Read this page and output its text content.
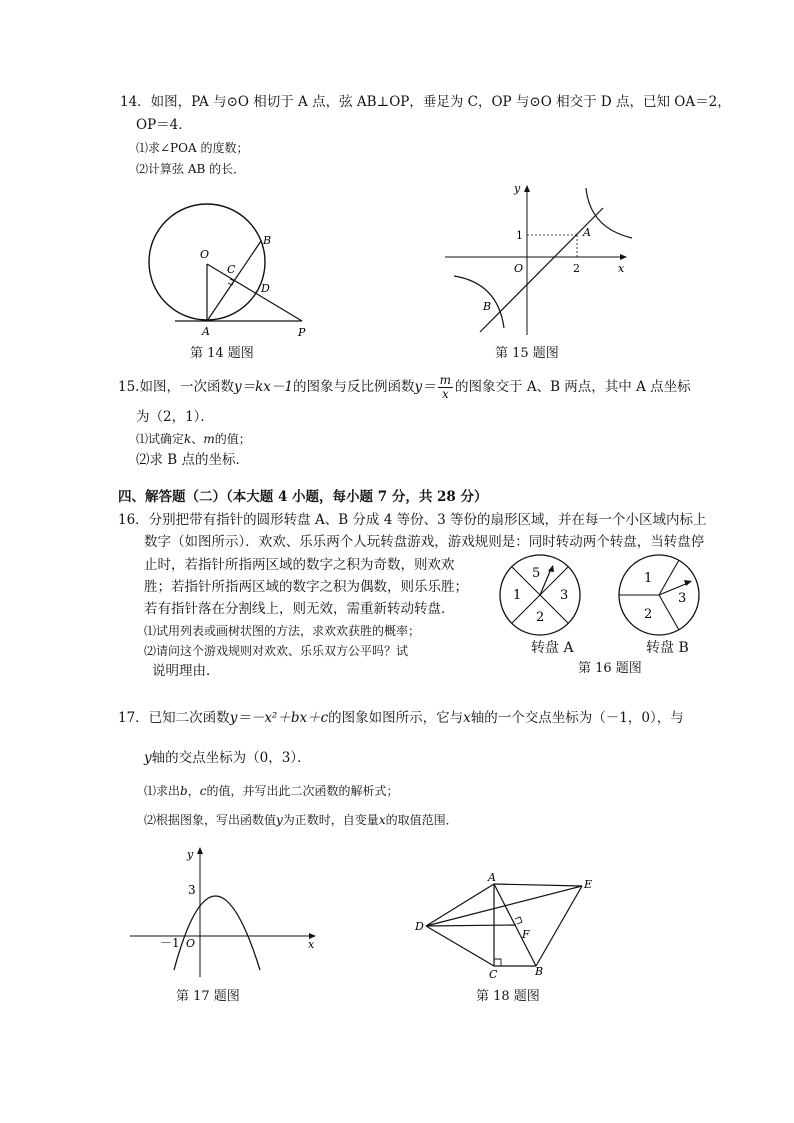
14．如图，PA 与⊙O 相切于 A 点，弦 AB⊥OP，垂足为 C，OP 与⊙O 相交于 D 点，已知 OA＝2，
OP＝4．
⑴求∠POA 的度数；
⑵计算弦 AB 的长．
O
B
C
D
A	P
第 14 题图
y
x
O
1
2
A
B
第 15 题图
15.如图，一次函数y＝kx－1的图象与反比例函数$y= \frac{m}{x}$ 的图象交于 A、B 两点，其中 A 点坐标
为（2，1）．
⑴试确定k、m的值；
⑵求 B 点的坐标．
四、解答题（二）（本大题 4 小题，每小题 7 分，共 28 分）
16．分别把带有指针的圆形转盘 A、B 分成 4 等份、3 等份的扇形区域，并在每一个小区域内标上
数字（如图所示）．欢欢、乐乐两个人玩转盘游戏，游戏规则是：同时转动两个转盘，当转盘停
止时，若指针所指两区域的数字之积为奇数，则欢欢
胜；若指针所指两区域的数字之积为偶数，则乐乐胜；
若有指针落在分割线上，则无效，需重新转动转盘．
⑴试用列表或画树状图的方法，求欢欢获胜的概率；
⑵请问这个游戏规则对欢欢、乐乐双方公平吗？试
说明理由．
5
1	3
2
1
3
2
转盘 A	转盘 B
第 16 题图
17．已知二次函数y＝－x²＋bx＋c的图象如图所示，它与x轴的一个交点坐标为（－1，0），与
y轴的交点坐标为（0，3）．
⑴求出b，c的值，并写出此二次函数的解析式；
⑵根据图象，写出函数值y为正数时，自变量x的取值范围．
y
x
3
－1 O
第 17 题图
A
E
D
F
C	B
第 18 题图
